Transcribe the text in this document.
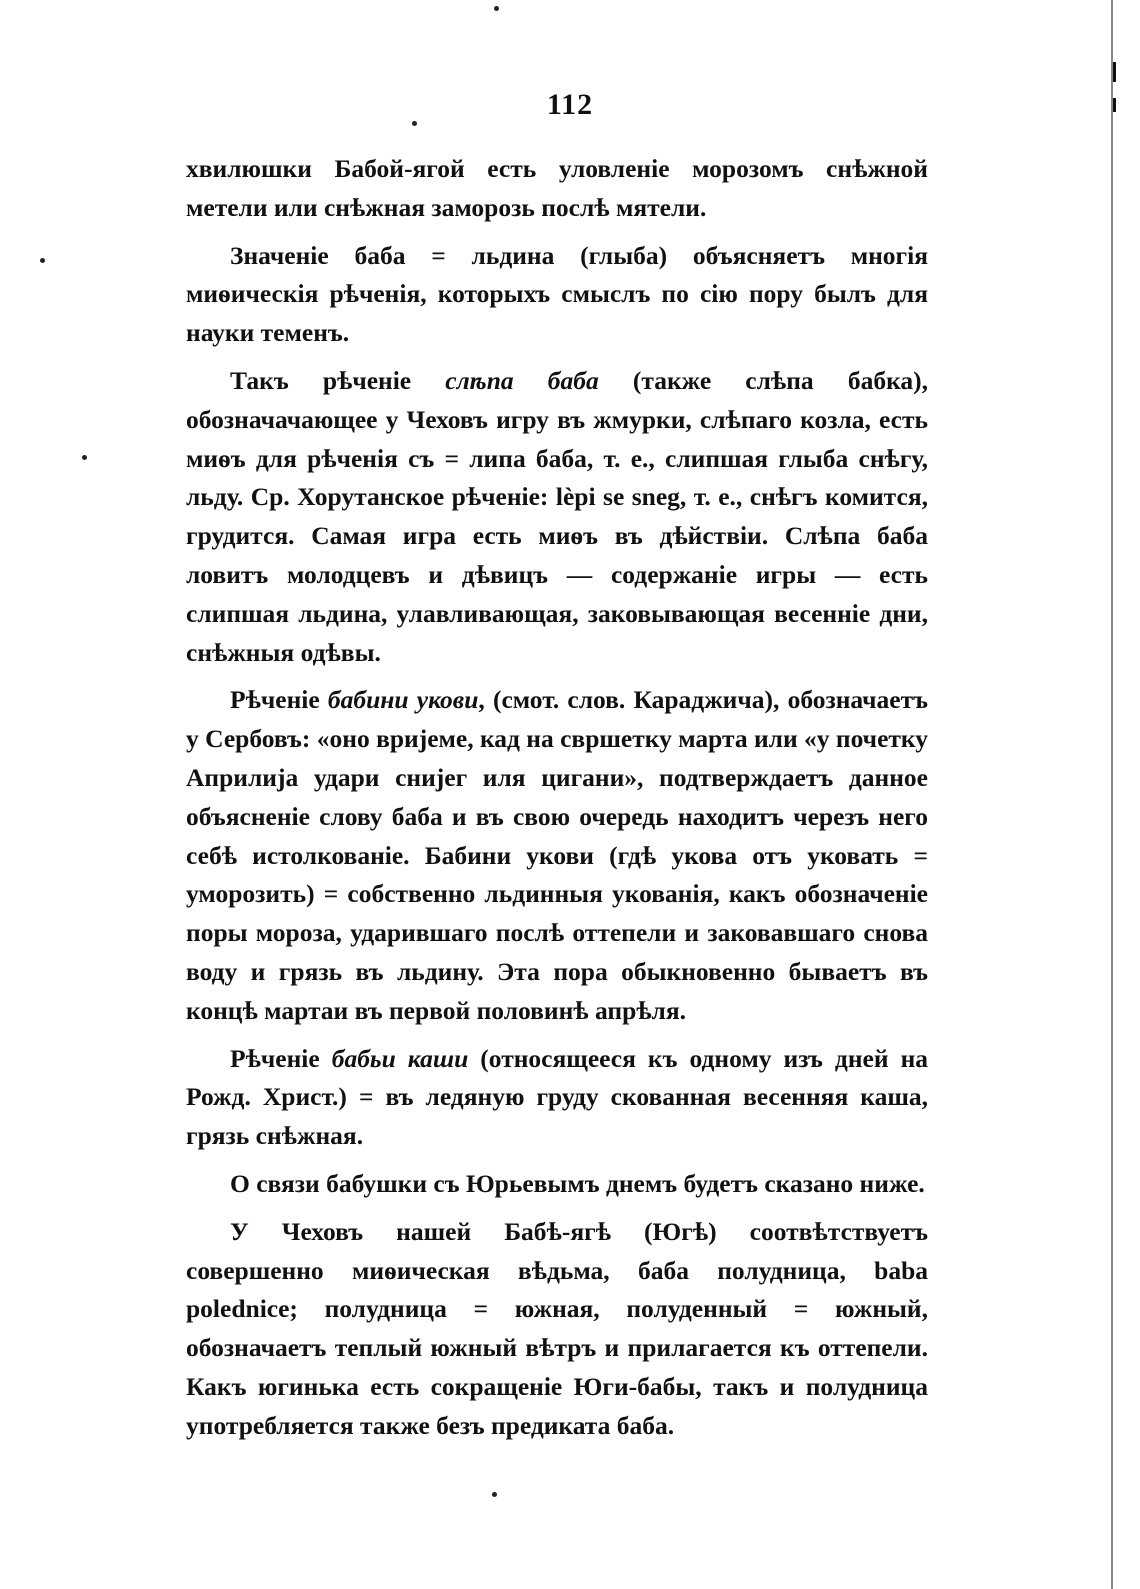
112

хвилюшки Бабой-ягой есть уловленіе морозомъ снѣжной метели или снѣжная заморозь послѣ мятели.

Значеніе баба = льдина (глыба) объясняетъ многія миѳическія рѣченія, которыхъ смыслъ по сію пору былъ для науки теменъ.

Такъ рѣченіе слѣпа баба (также слѣпа бабка), обозначачающее у Чеховъ игру въ жмурки, слѣпаго козла, есть миѳъ для рѣченія съ = липа баба, т. е., слипшая глыба снѣгу, льду. Ср. Хорутанское рѣченіе: lèpi se sneg, т. е., снѣгъ комится, грудится. Самая игра есть миѳъ въ дѣйствіи. Слѣпа баба ловитъ молодцевъ и дѣвицъ — содержаніе игры — есть слипшая льдина, улавливающая, заковывающая весенніе дни, снѣжныя одѣвы.

Рѣченіе бабини укови, (смот. слов. Караджича), обозначаетъ у Сербовъ: «оно вријеме, кад на свршетку марта или «у почетку Априлија удари снијег иля цигани», подтверждаетъ данное объясненіе слову баба и въ свою очередь находитъ черезъ него себѣ истолкованіе. Бабини укови (гдѣ укова отъ уковать = уморозить) = собственно льдинныя укованія, какъ обозначеніе поры мороза, ударившаго послѣ оттепели и заковавшаго снова воду и грязь въ льдину. Эта пора обыкновенно бываетъ въ концѣ мартаи въ первой половинѣ апрѣля.

Рѣченіе бабьи каши (относящееся къ одному изъ дней на Рожд. Христ.) = въ ледяную груду скованная весенняя каша, грязь снѣжная.

О связи бабушки съ Юрьевымъ днемъ будетъ сказано ниже.

У Чеховъ нашей Бабѣ-ягѣ (Югѣ) соотвѣтствуетъ совершенно миѳическая вѣдьма, баба полудница, baba polednice; полудница = южная, полуденный = южный, обозначаетъ теплый южный вѣтръ и прилагается къ оттепели. Какъ югинька есть сокращеніе Юги-бабы, такъ и полудница употребляется также безъ предиката баба.
